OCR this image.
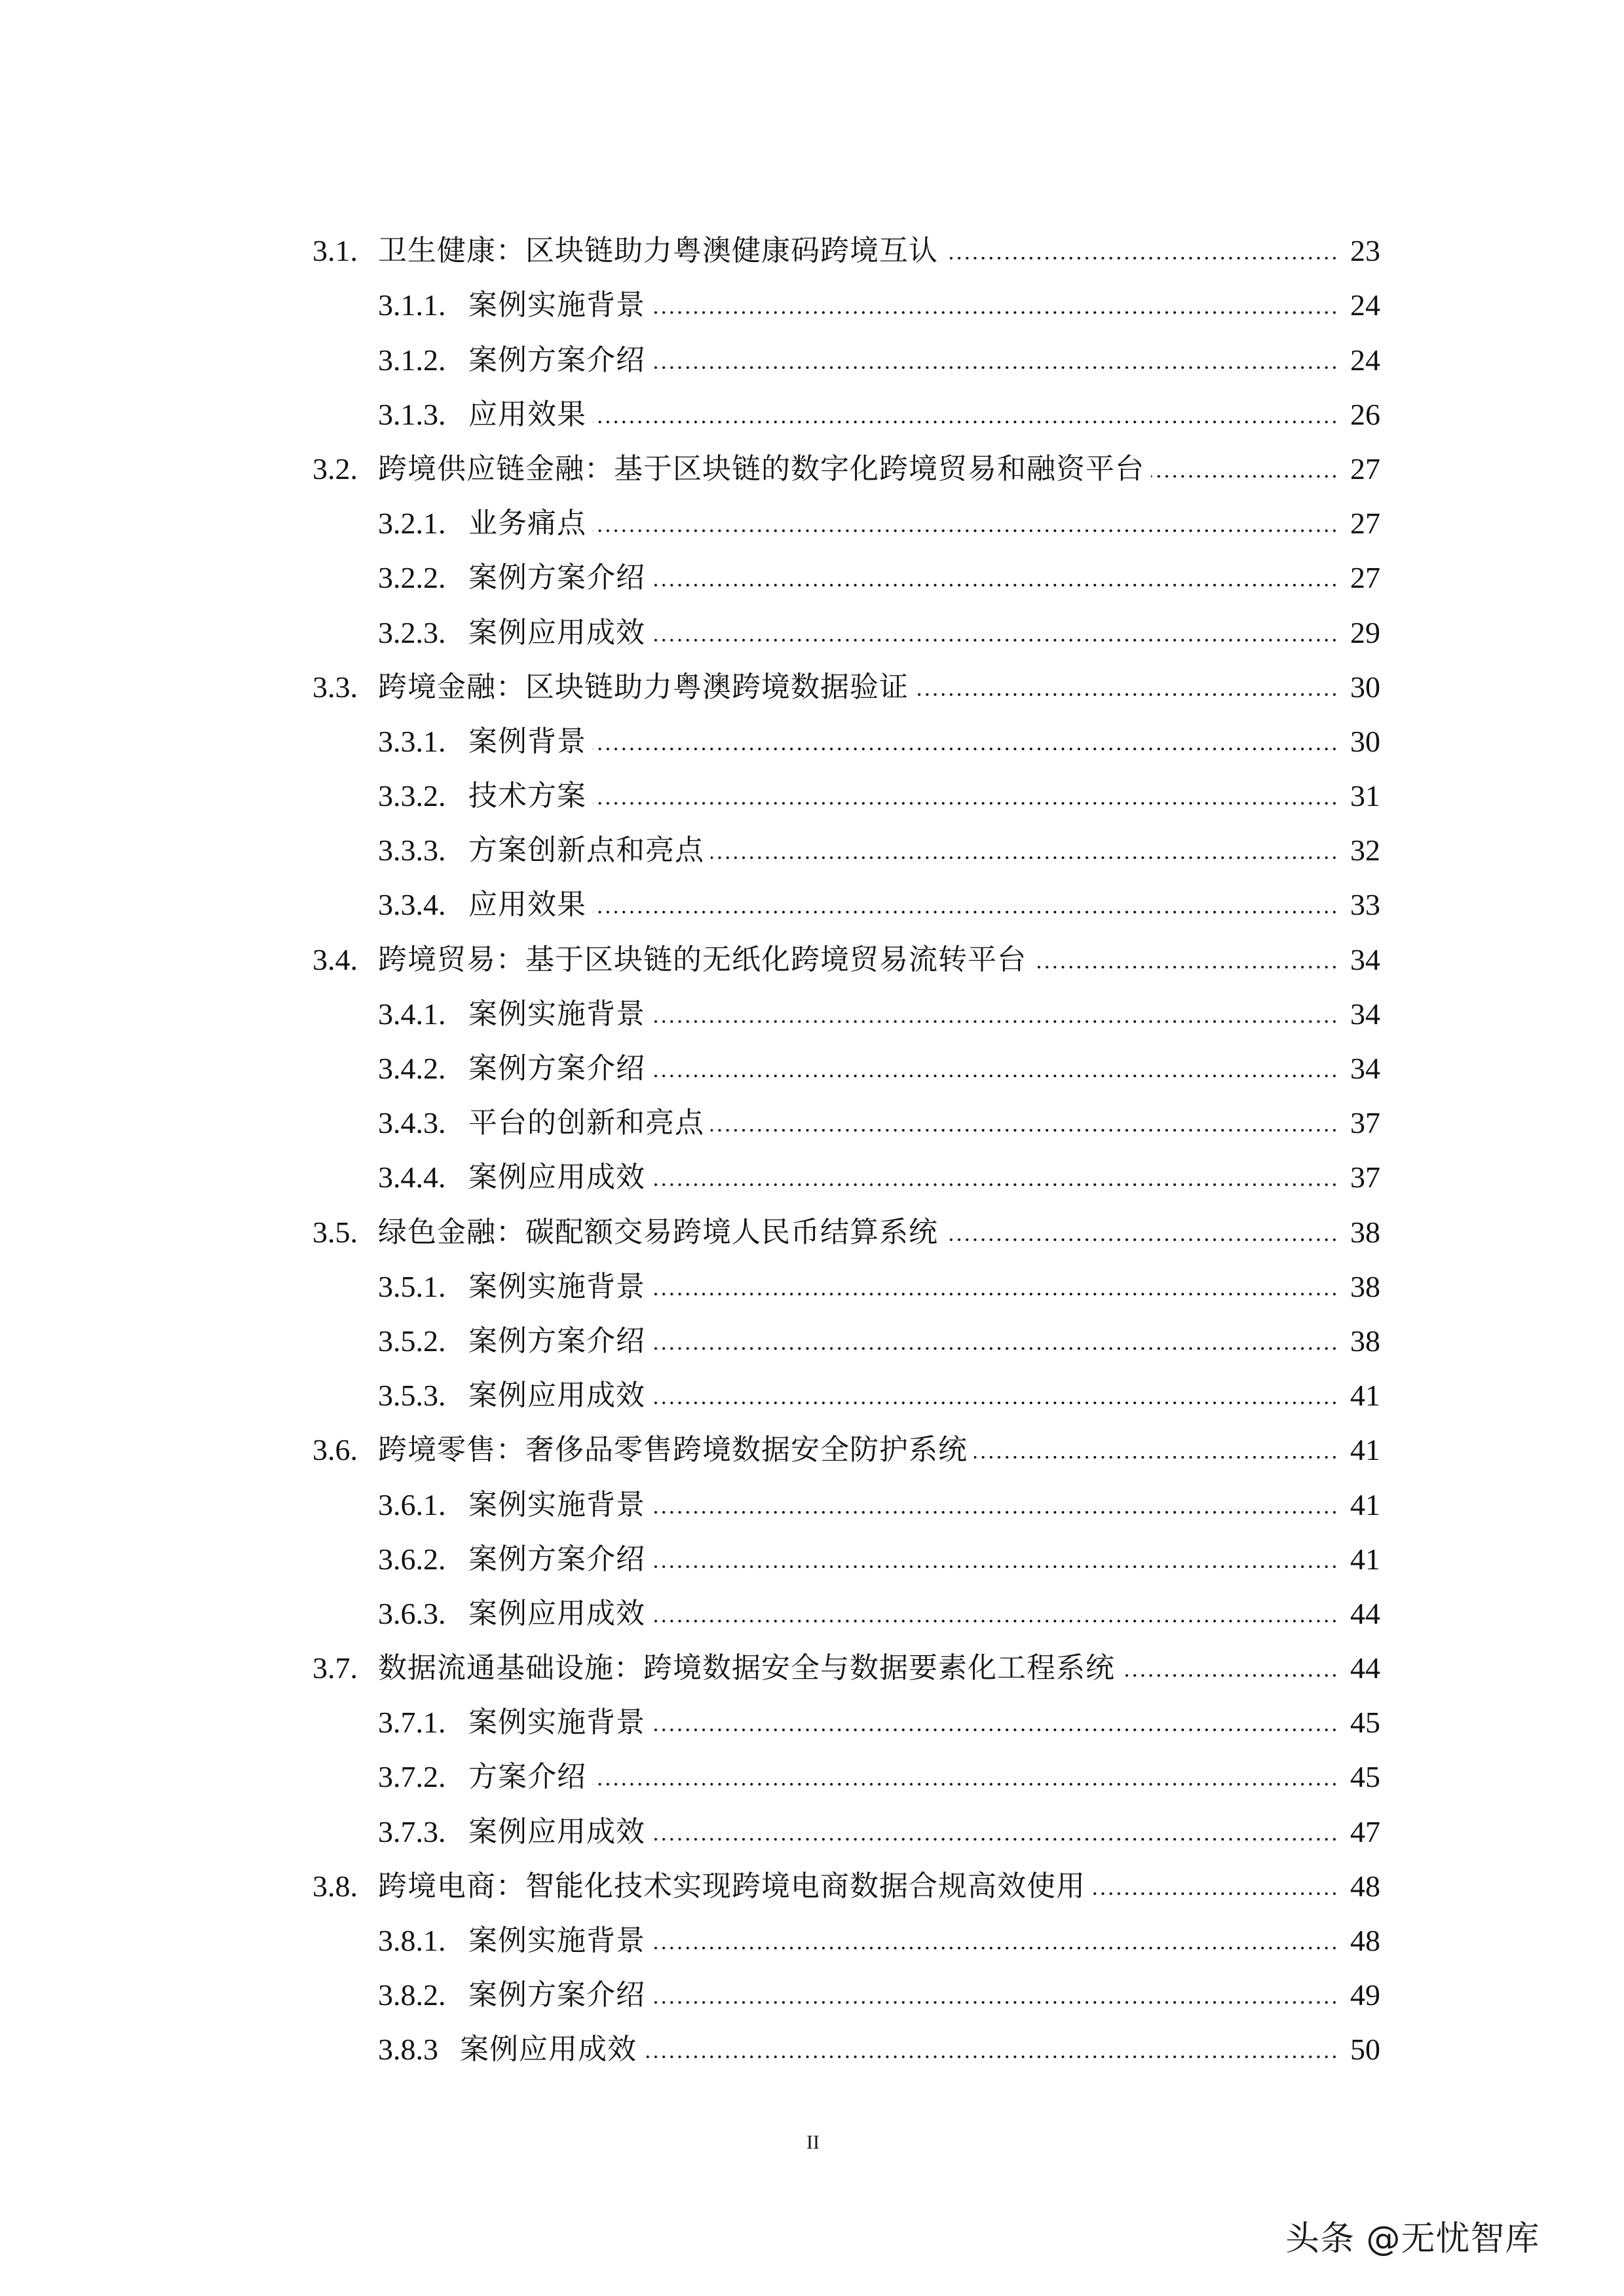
3.1. 卫生健康：区块链助力粤澳健康码跨境互认	23
3.1.1. 案例实施背景	24
3.1.2. 案例方案介绍	24
3.1.3. 应用效果	26
3.2. 跨境供应链金融：基于区块链的数字化跨境贸易和融资平台	27
3.2.1. 业务痛点	27
3.2.2. 案例方案介绍	27
3.2.3. 案例应用成效	29
3.3. 跨境金融：区块链助力粤澳跨境数据验证	30
3.3.1. 案例背景	30
3.3.2. 技术方案	31
3.3.3. 方案创新点和亮点	32
3.3.4. 应用效果	33
3.4. 跨境贸易：基于区块链的无纸化跨境贸易流转平台	34
3.4.1. 案例实施背景	34
3.4.2. 案例方案介绍	34
3.4.3. 平台的创新和亮点	37
3.4.4. 案例应用成效	37
3.5. 绿色金融：碳配额交易跨境人民币结算系统	38
3.5.1. 案例实施背景	38
3.5.2. 案例方案介绍	38
3.5.3. 案例应用成效	41
3.6. 跨境零售：奢侈品零售跨境数据安全防护系统	41
3.6.1. 案例实施背景	41
3.6.2. 案例方案介绍	41
3.6.3. 案例应用成效	44
3.7. 数据流通基础设施：跨境数据安全与数据要素化工程系统	44
3.7.1. 案例实施背景	45
3.7.2. 方案介绍	45
3.7.3. 案例应用成效	47
3.8. 跨境电商：智能化技术实现跨境电商数据合规高效使用	48
3.8.1. 案例实施背景	48
3.8.2. 案例方案介绍	49
3.8.3 案例应用成效	50
II
头条 @无忧智库
